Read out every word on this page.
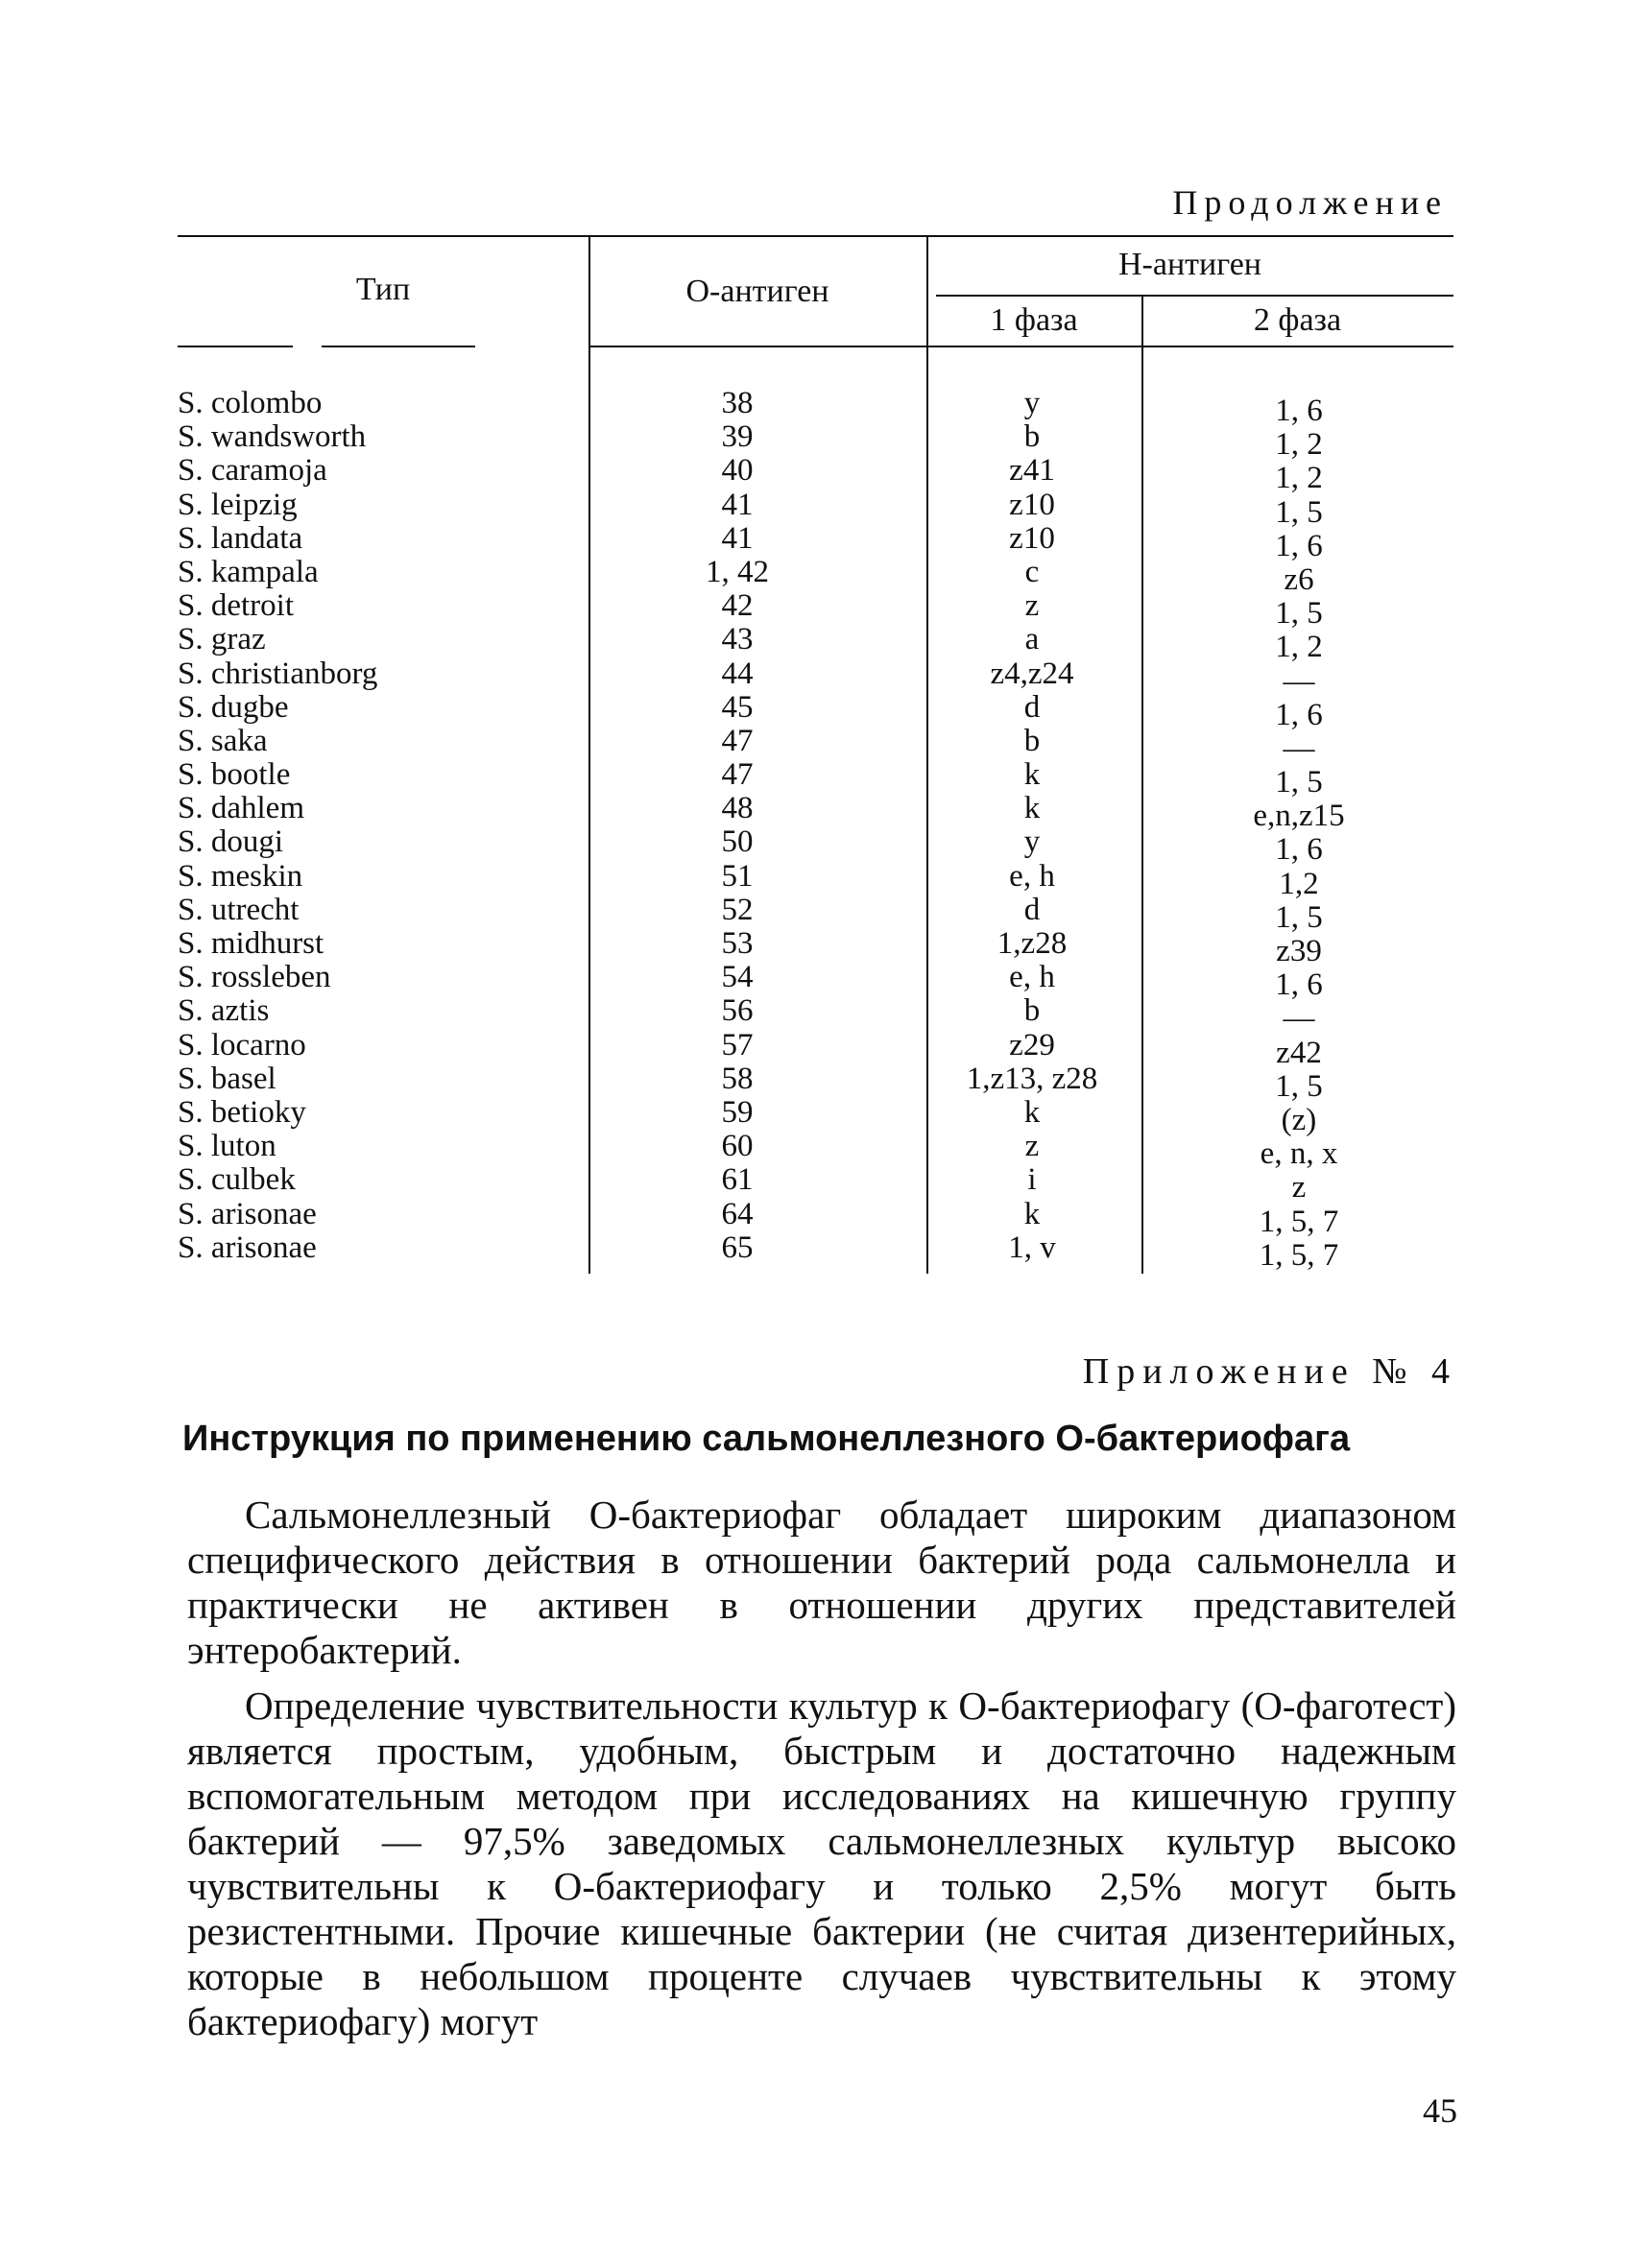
Продолжение
Тип	О-антиген
Н-антиген
1 фаза	2 фаза
S. colombo	38	y	1, 6
S. wandsworth	39	b	1, 2
S. caramoja	40	z41	1, 2
S. leipzig	41	z10	1, 5
S. landata	41	z10	1, 6
S. kampala	1, 42	c	z6
S. detroit	42	z	1, 5
S. graz	43	a	1, 2
S. christianborg	44	z4,z24	—
S. dugbe	45	d	1, 6
S. saka	47	b	—
S. bootle	47	k	1, 5
S. dahlem	48	k	e,n,z15
S. dougi	50	y	1, 6
S. meskin	51	e, h	1,2
S. utrecht	52	d	1, 5
S. midhurst	53	1,z28	z39
S. rossleben	54	e, h	1, 6
S. aztis	56	b	—
S. locarno	57	z29	z42
S. basel	58	1,z13, z28	1, 5
S. betioky	59	k	(z)
S. luton	60	z	e, n, x
S. culbek	61	i	z
S. arisonae	64	k	1, 5, 7
S. arisonae	65	1, v	1, 5, 7
Приложение № 4
Инструкция по применению сальмонеллезного О-бактериофага

Сальмонеллезный О-бактериофаг обладает широким диапазоном специфического действия в отношении бактерий рода сальмонелла и практически не активен в отношении других представителей энтеробактерий.

Определение чувствительности культур к О-бактериофагу (О-фаготест) является простым, удобным, быстрым и достаточно надежным вспомогательным методом при исследованиях на кишечную группу бактерий — 97,5% заведомых сальмонеллезных культур высоко чувствительны к О-бактериофагу и только 2,5% могут быть резистентными. Прочие кишечные бактерии (не считая дизентерийных, которые в небольшом проценте случаев чувствительны к этому бактериофагу) могут

45
